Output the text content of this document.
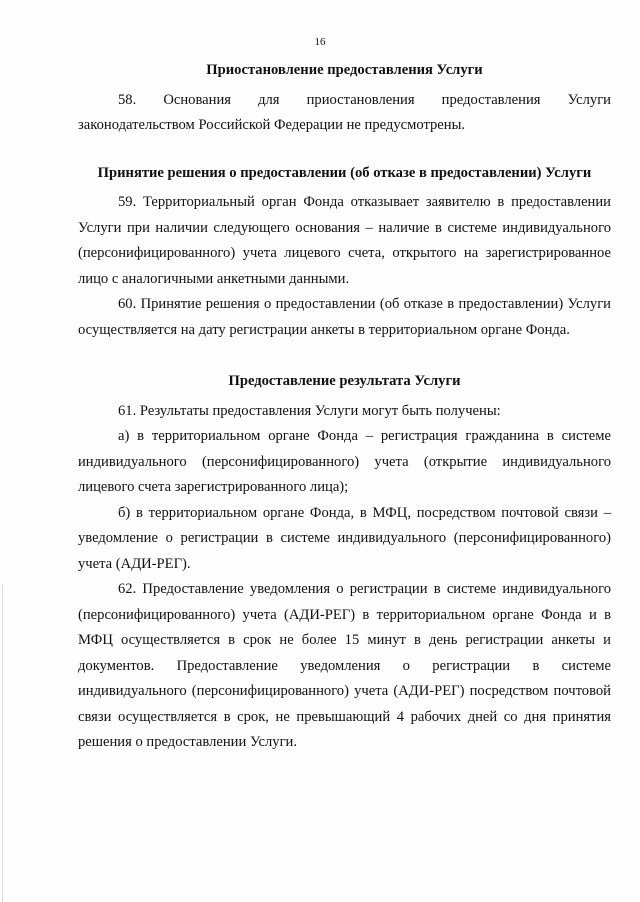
16

Приостановление предоставления Услуги

58. Основания для приостановления предоставления Услуги законодательством Российской Федерации не предусмотрены.

Принятие решения о предоставлении (об отказе в предоставлении) Услуги

59. Территориальный орган Фонда отказывает заявителю в предоставлении Услуги при наличии следующего основания – наличие в системе индивидуального (персонифицированного) учета лицевого счета, открытого на зарегистрированное лицо с аналогичными анкетными данными.

60. Принятие решения о предоставлении (об отказе в предоставлении) Услуги осуществляется на дату регистрации анкеты в территориальном органе Фонда.

Предоставление результата Услуги

61. Результаты предоставления Услуги могут быть получены:

а) в территориальном органе Фонда – регистрация гражданина в системе индивидуального (персонифицированного) учета (открытие индивидуального лицевого счета зарегистрированного лица);

б) в территориальном органе Фонда, в МФЦ, посредством почтовой связи – уведомление о регистрации в системе индивидуального (персонифицированного) учета (АДИ-РЕГ).

62. Предоставление уведомления о регистрации в системе индивидуального (персонифицированного) учета (АДИ-РЕГ) в территориальном органе Фонда и в МФЦ осуществляется в срок не более 15 минут в день регистрации анкеты и документов. Предоставление уведомления о регистрации в системе индивидуального (персонифицированного) учета (АДИ-РЕГ) посредством почтовой связи осуществляется в срок, не превышающий 4 рабочих дней со дня принятия решения о предоставлении Услуги.
